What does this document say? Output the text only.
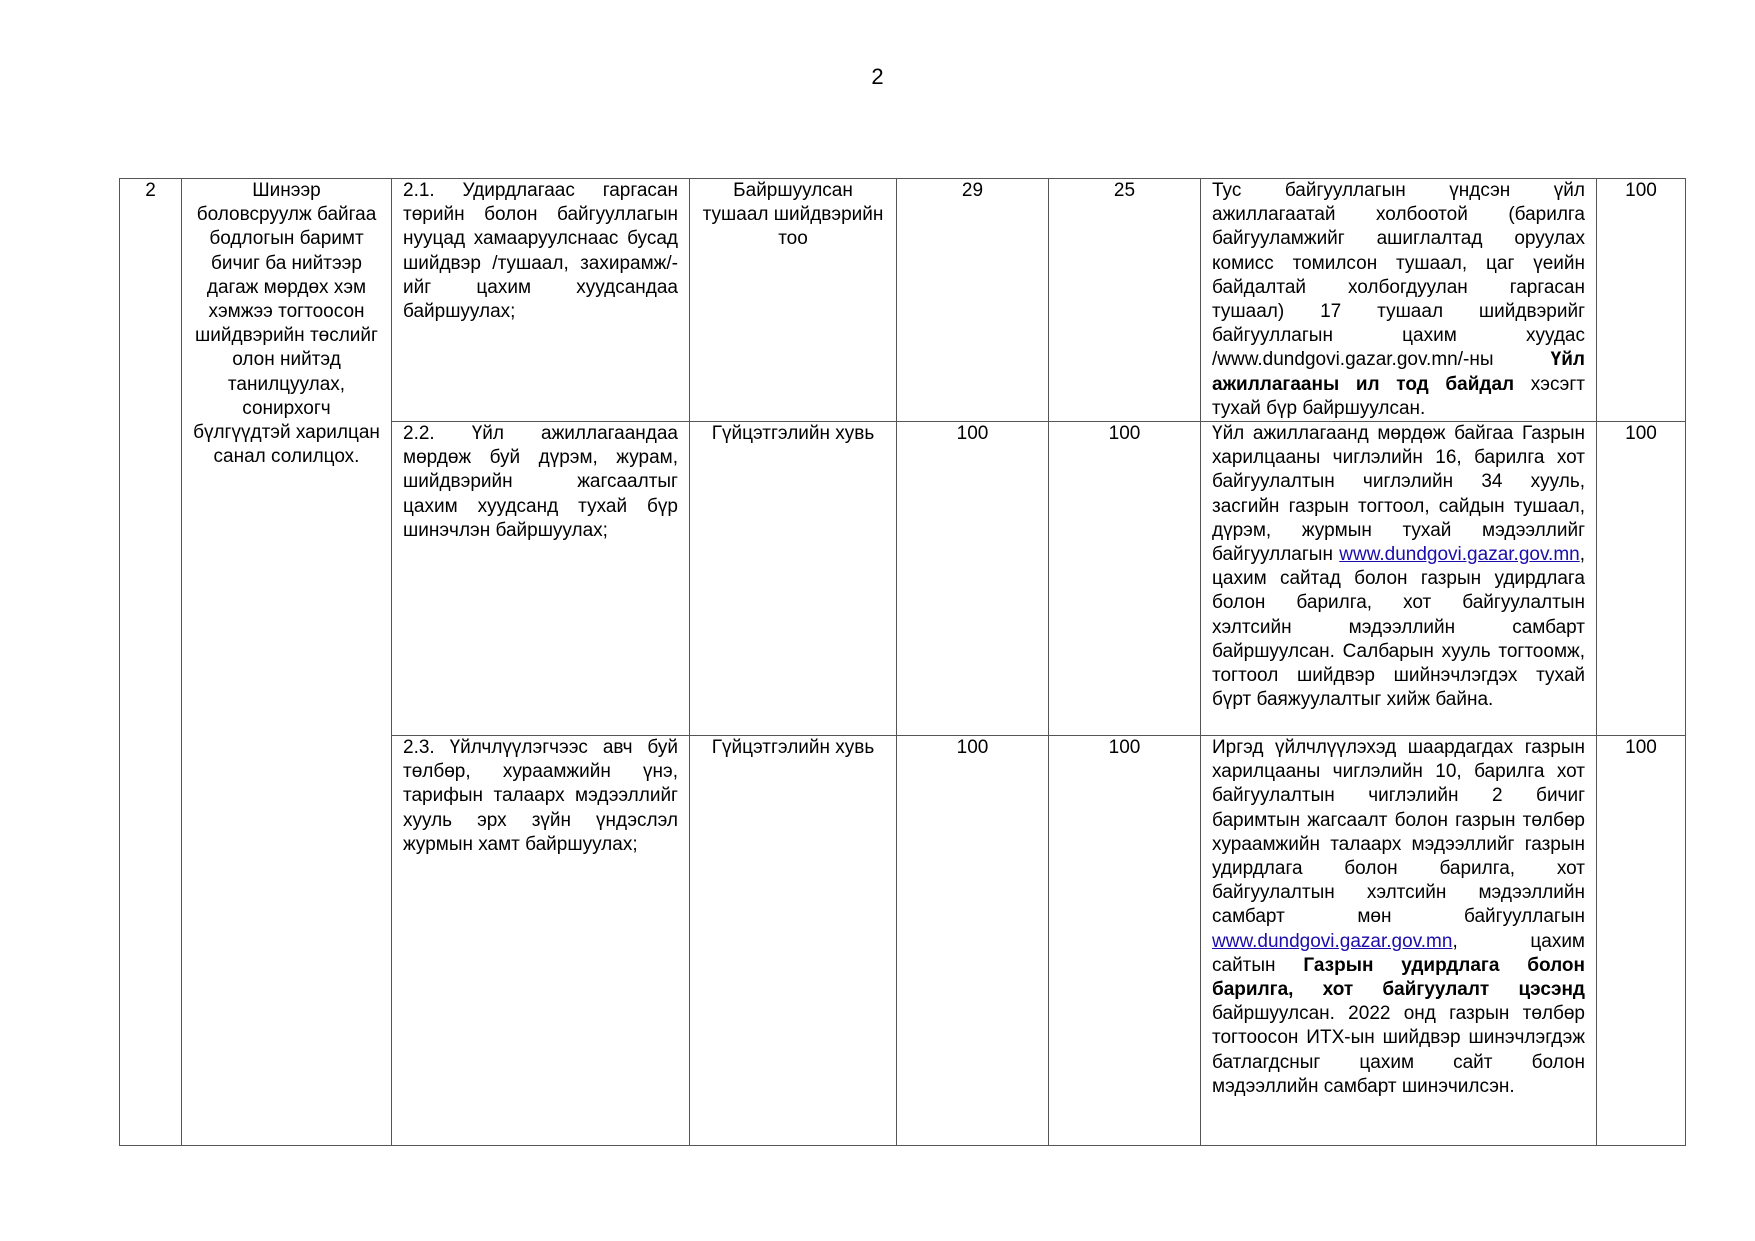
2
2	Шинээр боловсруулж байгаа бодлогын баримт бичиг ба нийтээр дагаж мөрдөх хэм хэмжээ тогтоосон шийдвэрийн төслийг олон нийтэд танилцуулах, сонирхогч бүлгүүдтэй харилцан санал солилцох.	2.1. Удирдлагаас гаргасан төрийн болон байгууллагын нууцад хамааруулснаас бусад шийдвэр /тушаал, захирамж/-ийг цахим хуудсандаа байршуулах;	Байршуулсан тушаал шийдвэрийн тоо	29	25	Тус байгууллагын үндсэн үйл ажиллагаатай холбоотой (барилга байгууламжийг ашиглалтад оруулах комисс томилсон тушаал, цаг үеийн байдалтай холбогдуулан гаргасан тушаал) 17 тушаал шийдвэрийг байгууллагын цахим хуудас /www.dundgovi.gazar.gov.mn/-ны Үйл ажиллагааны ил тод байдал хэсэгт тухай бүр байршуулсан.	100
		2.2. Үйл ажиллагаандаа мөрдөж буй дүрэм, журам, шийдвэрийн жагсаалтыг цахим хуудсанд тухай бүр шинэчлэн байршуулах;	Гүйцэтгэлийн хувь	100	100	Үйл ажиллагаанд мөрдөж байгаа Газрын харилцааны чиглэлийн 16, барилга хот байгуулалтын чиглэлийн 34 хууль, засгийн газрын тогтоол, сайдын тушаал, дүрэм, журмын тухай мэдээллийг байгууллагын www.dundgovi.gazar.gov.mn, цахим сайтад болон газрын удирдлага болон барилга, хот байгуулалтын хэлтсийн мэдээллийн самбарт байршуулсан. Салбарын хууль тогтоомж, тогтоол шийдвэр шийнэчлэгдэх тухай бүрт баяжуулалтыг хийж байна.	100
		2.3. Үйлчлүүлэгчээс авч буй төлбөр, хураамжийн үнэ, тарифын талаарх мэдээллийг хууль эрх зүйн үндэслэл журмын хамт байршуулах;	Гүйцэтгэлийн хувь	100	100	Иргэд үйлчлүүлэхэд шаардагдах газрын харилцааны чиглэлийн 10, барилга хот байгуулалтын чиглэлийн 2 бичиг баримтын жагсаалт болон газрын төлбөр хураамжийн талаарх мэдээллийг газрын удирдлага болон барилга, хот байгуулалтын хэлтсийн мэдээллийн самбарт мөн байгууллагын www.dundgovi.gazar.gov.mn, цахим сайтын Газрын удирдлага болон барилга, хот байгуулалт цэсэнд байршуулсан. 2022 онд газрын төлбөр тогтоосон ИТХ-ын шийдвэр шинэчлэгдэж батлагдсныг цахим сайт болон мэдээллийн самбарт шинэчилсэн.	100
